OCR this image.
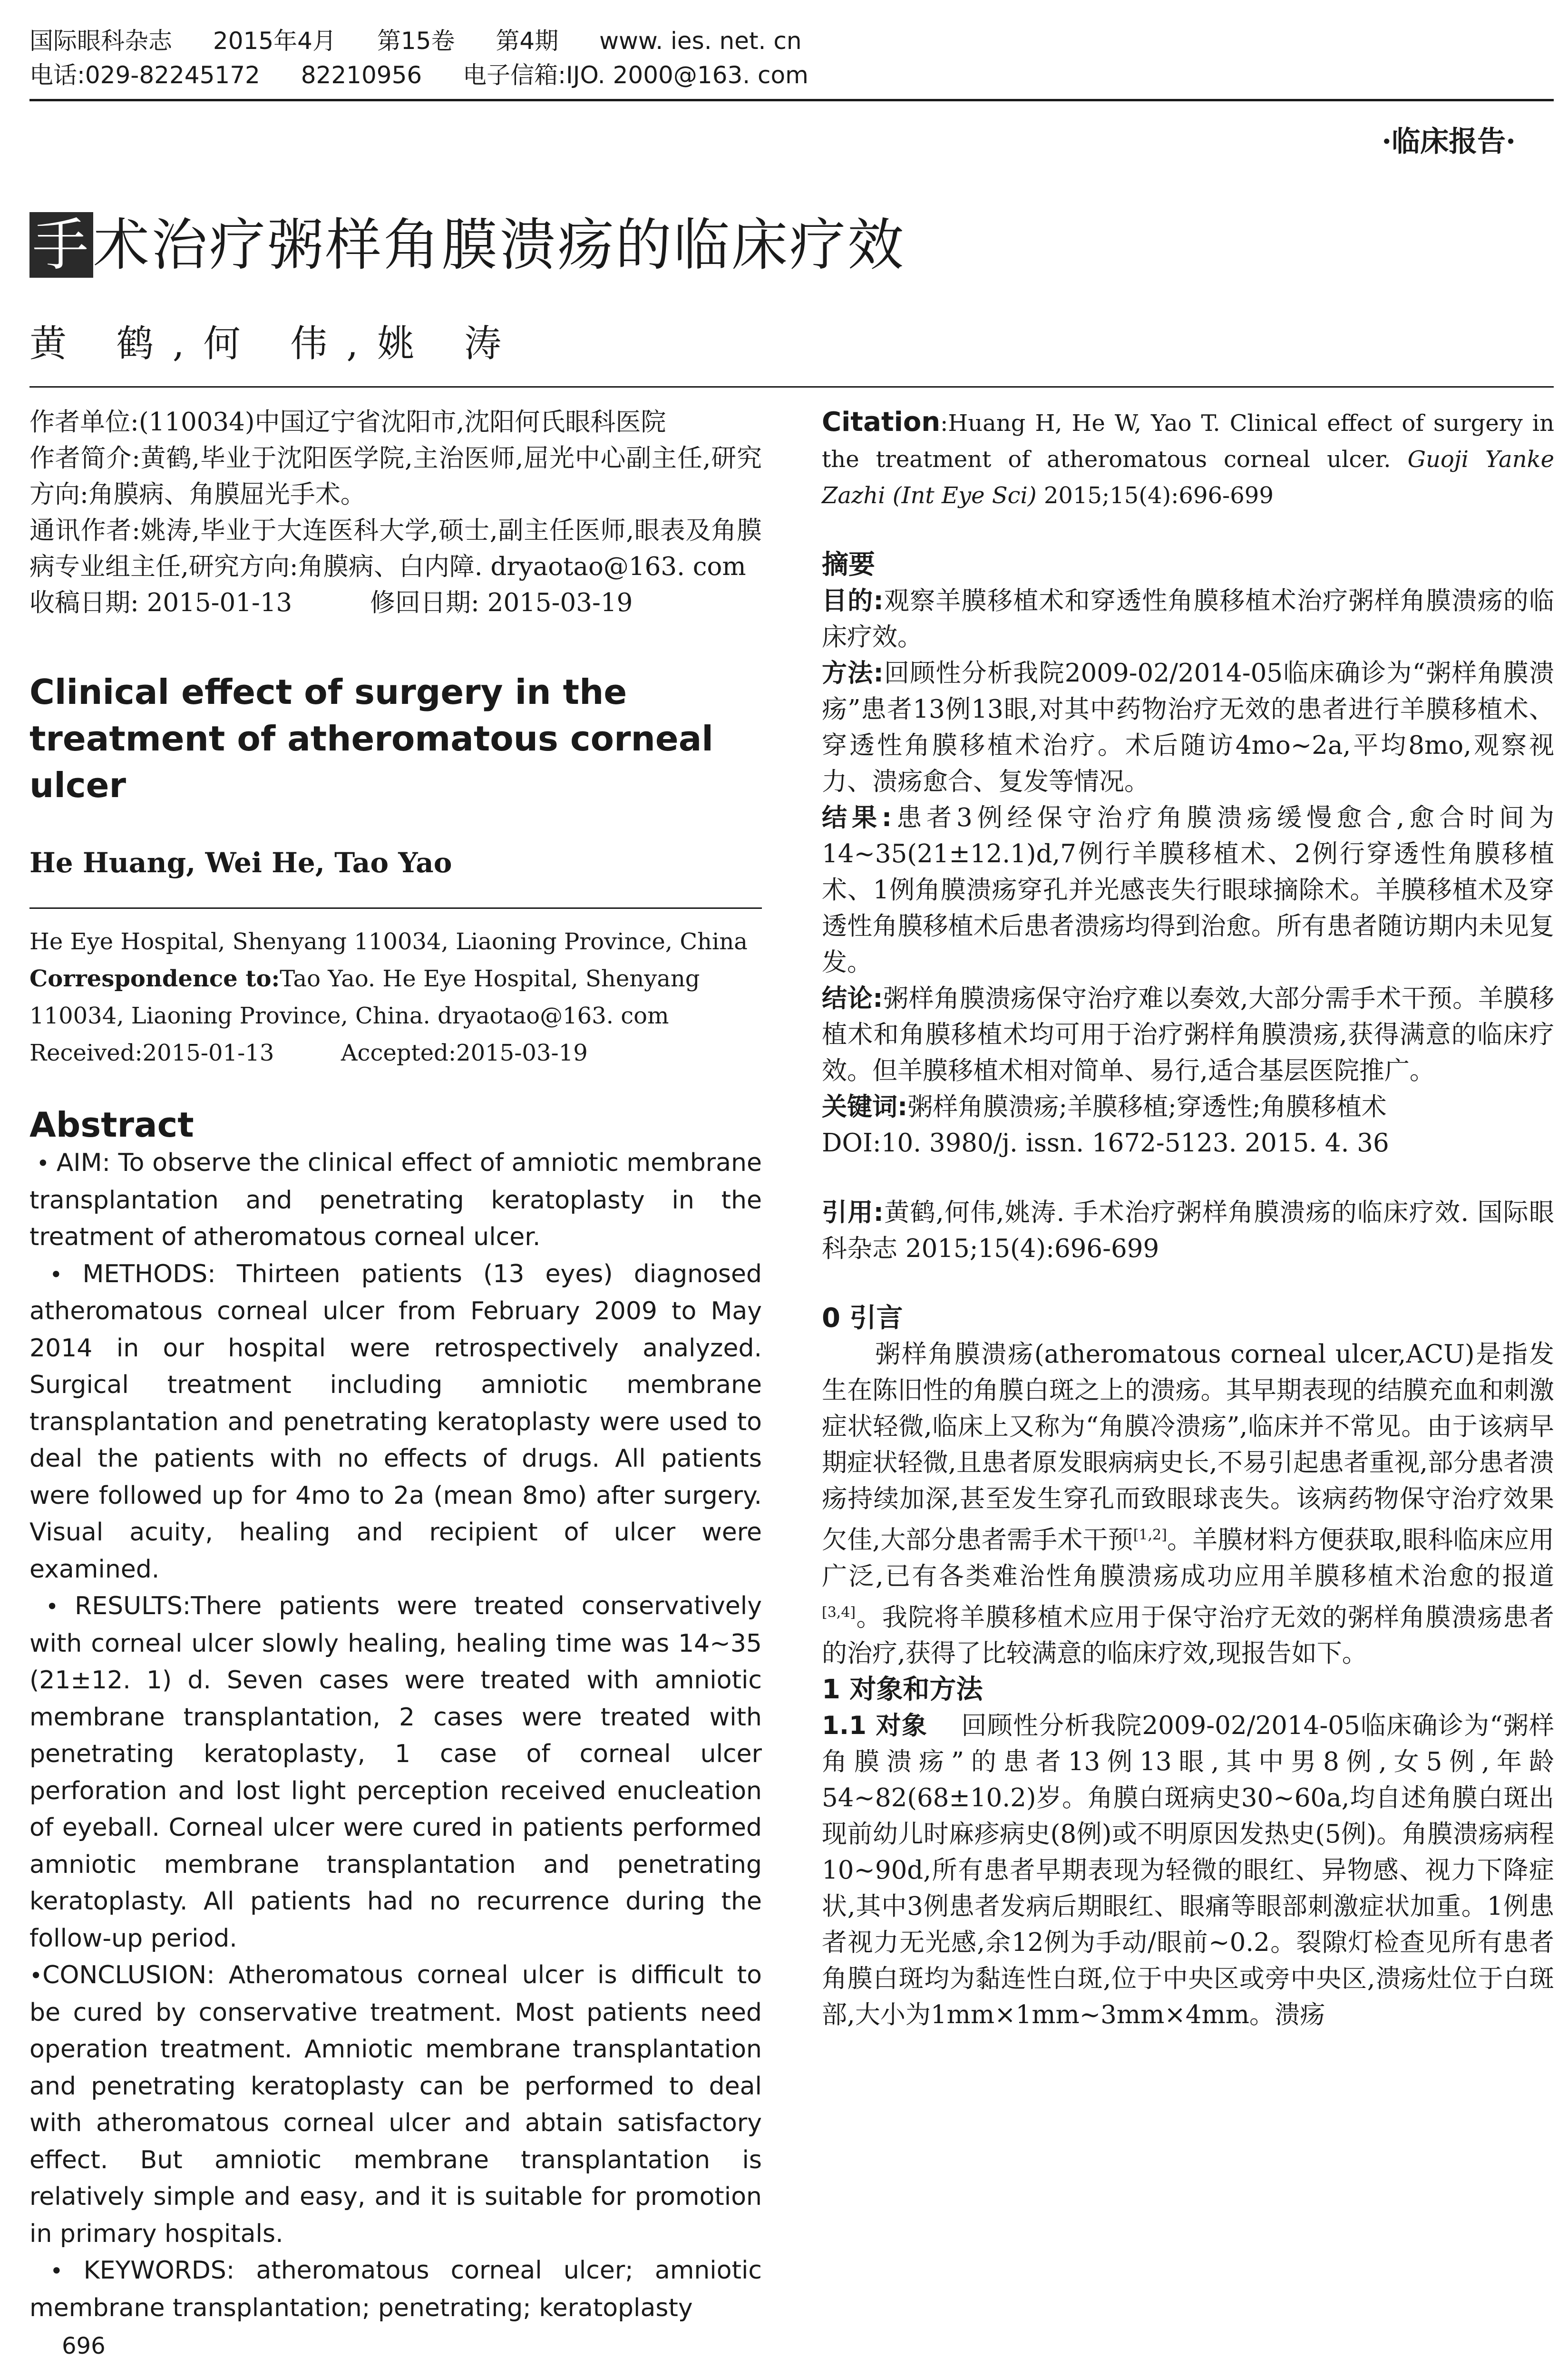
国际眼科杂志 2015年4月 第15卷 第4期 www. ies. net. cn
电话:029-82245172 82210956 电子信箱:IJO. 2000@163. com
·临床报告·
手术治疗粥样角膜溃疡的临床疗效
黄 鹤,何 伟,姚 涛

作者单位:(110034)中国辽宁省沈阳市,沈阳何氏眼科医院

作者简介:黄鹤,毕业于沈阳医学院,主治医师,屈光中心副主任,研究方向:角膜病、角膜屈光手术。

通讯作者:姚涛,毕业于大连医科大学,硕士,副主任医师,眼表及角膜病专业组主任,研究方向:角膜病、白内障. dryaotao@163. com

收稿日期: 2015-01-13	修回日期: 2015-03-19

Clinical effect of surgery in the treatment of atheromatous corneal ulcer

He Huang, Wei He, Tao Yao

He Eye Hospital, Shenyang 110034, Liaoning Province, China

Correspondence to:Tao Yao. He Eye Hospital, Shenyang 110034, Liaoning Province, China. dryaotao@163. com

Received:2015-01-13	Accepted:2015-03-19

Abstract

• AIM: To observe the clinical effect of amniotic membrane transplantation and penetrating keratoplasty in the treatment of atheromatous corneal ulcer.

• METHODS: Thirteen patients (13 eyes) diagnosed atheromatous corneal ulcer from February 2009 to May 2014 in our hospital were retrospectively analyzed. Surgical treatment including amniotic membrane transplantation and penetrating keratoplasty were used to deal the patients with no effects of drugs. All patients were followed up for 4mo to 2a (mean 8mo) after surgery. Visual acuity, healing and recipient of ulcer were examined.

• RESULTS:There patients were treated conservatively with corneal ulcer slowly healing, healing time was 14~35 (21±12. 1) d. Seven cases were treated with amniotic membrane transplantation, 2 cases were treated with penetrating keratoplasty, 1 case of corneal ulcer perforation and lost light perception received enucleation of eyeball. Corneal ulcer were cured in patients performed amniotic membrane transplantation and penetrating keratoplasty. All patients had no recurrence during the follow-up period.

•CONCLUSION: Atheromatous corneal ulcer is difficult to be cured by conservative treatment. Most patients need operation treatment. Amniotic membrane transplantation and penetrating keratoplasty can be performed to deal with atheromatous corneal ulcer and abtain satisfactory effect. But amniotic membrane transplantation is relatively simple and easy, and it is suitable for promotion in primary hospitals.

• KEYWORDS: atheromatous corneal ulcer; amniotic membrane transplantation; penetrating; keratoplasty

Citation:Huang H, He W, Yao T. Clinical effect of surgery in the treatment of atheromatous corneal ulcer. Guoji Yanke Zazhi (Int Eye Sci) 2015;15(4):696-699

摘要

目的:观察羊膜移植术和穿透性角膜移植术治疗粥样角膜溃疡的临床疗效。

方法:回顾性分析我院2009-02/2014-05临床确诊为“粥样角膜溃疡”患者13例13眼,对其中药物治疗无效的患者进行羊膜移植术、穿透性角膜移植术治疗。术后随访4mo~2a,平均8mo,观察视力、溃疡愈合、复发等情况。

结果:患者3例经保守治疗角膜溃疡缓慢愈合,愈合时间为14~35(21±12.1)d,7例行羊膜移植术、2例行穿透性角膜移植术、1例角膜溃疡穿孔并光感丧失行眼球摘除术。羊膜移植术及穿透性角膜移植术后患者溃疡均得到治愈。所有患者随访期内未见复发。

结论:粥样角膜溃疡保守治疗难以奏效,大部分需手术干预。羊膜移植术和角膜移植术均可用于治疗粥样角膜溃疡,获得满意的临床疗效。但羊膜移植术相对简单、易行,适合基层医院推广。

关键词:粥样角膜溃疡;羊膜移植;穿透性;角膜移植术

DOI:10. 3980/j. issn. 1672-5123. 2015. 4. 36

引用:黄鹤,何伟,姚涛. 手术治疗粥样角膜溃疡的临床疗效. 国际眼科杂志 2015;15(4):696-699

0 引言

粥样角膜溃疡(atheromatous corneal ulcer,ACU)是指发生在陈旧性的角膜白斑之上的溃疡。其早期表现的结膜充血和刺激症状轻微,临床上又称为“角膜冷溃疡”,临床并不常见。由于该病早期症状轻微,且患者原发眼病病史长,不易引起患者重视,部分患者溃疡持续加深,甚至发生穿孔而致眼球丧失。该病药物保守治疗效果欠佳,大部分患者需手术干预[1,2]。羊膜材料方便获取,眼科临床应用广泛,已有各类难治性角膜溃疡成功应用羊膜移植术治愈的报道[3,4]。我院将羊膜移植术应用于保守治疗无效的粥样角膜溃疡患者的治疗,获得了比较满意的临床疗效,现报告如下。

1 对象和方法

1.1 对象 回顾性分析我院2009-02/2014-05临床确诊为“粥样角膜溃疡”的患者13例13眼,其中男8例,女5例,年龄54~82(68±10.2)岁。角膜白斑病史30~60a,均自述角膜白斑出现前幼儿时麻疹病史(8例)或不明原因发热史(5例)。角膜溃疡病程10~90d,所有患者早期表现为轻微的眼红、异物感、视力下降症状,其中3例患者发病后期眼红、眼痛等眼部刺激症状加重。1例患者视力无光感,余12例为手动/眼前~0.2。裂隙灯检查见所有患者角膜白斑均为黏连性白斑,位于中央区或旁中央区,溃疡灶位于白斑部,大小为1mm×1mm~3mm×4mm。溃疡

696
